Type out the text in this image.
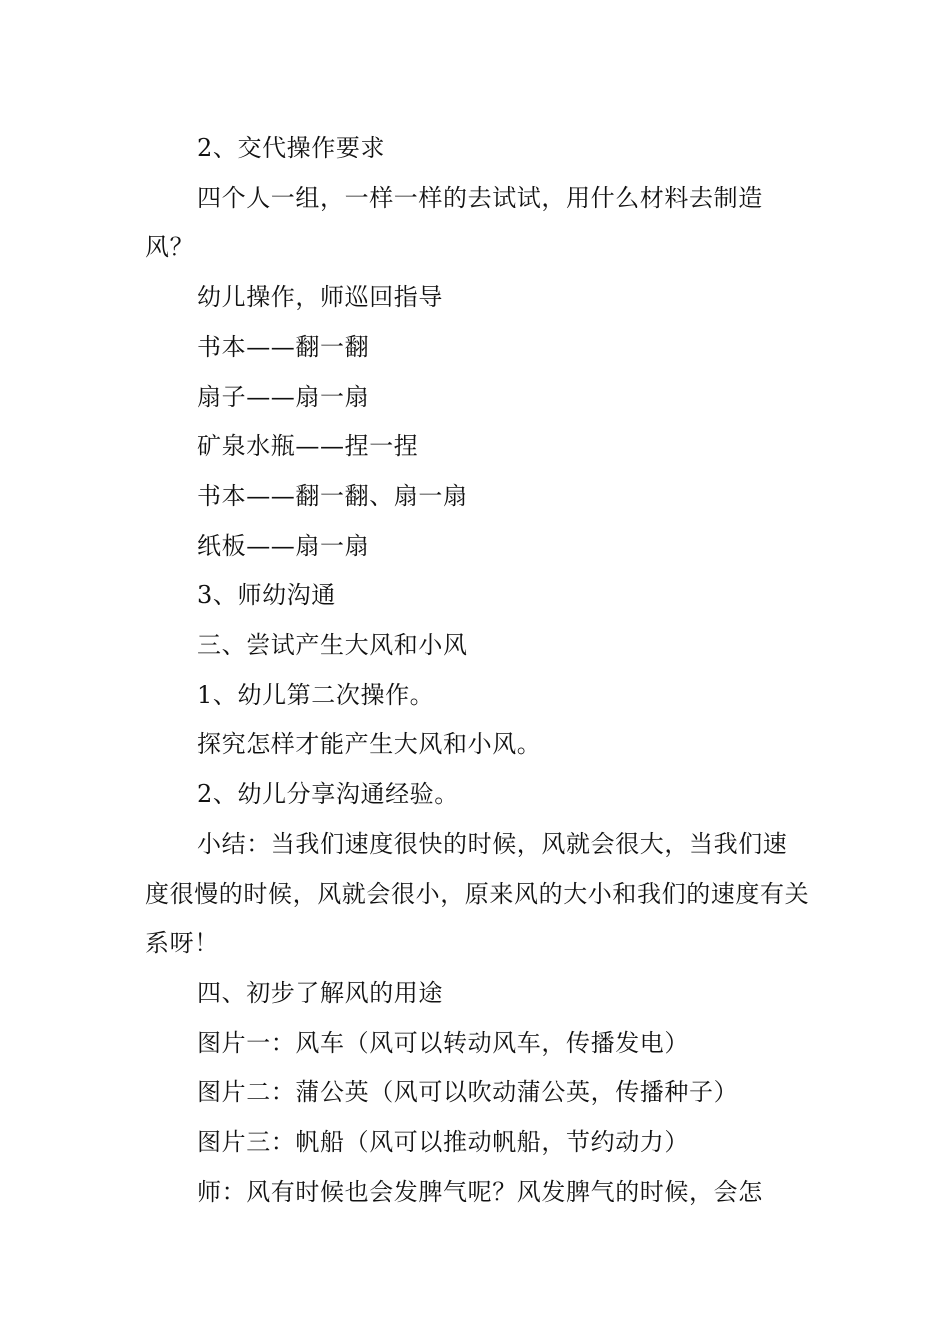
2、交代操作要求

四个人一组，一样一样的去试试，用什么材料去制造风？

幼儿操作，师巡回指导

书本——翻一翻

扇子——扇一扇

矿泉水瓶——捏一捏

书本——翻一翻、扇一扇

纸板——扇一扇

3、师幼沟通

三、尝试产生大风和小风

1、幼儿第二次操作。

探究怎样才能产生大风和小风。

2、幼儿分享沟通经验。

小结：当我们速度很快的时候，风就会很大，当我们速度很慢的时候，风就会很小，原来风的大小和我们的速度有关系呀！

四、初步了解风的用途

图片一：风车（风可以转动风车，传播发电）

图片二：蒲公英（风可以吹动蒲公英，传播种子）

图片三：帆船（风可以推动帆船，节约动力）

师：风有时候也会发脾气呢？风发脾气的时候，会怎
